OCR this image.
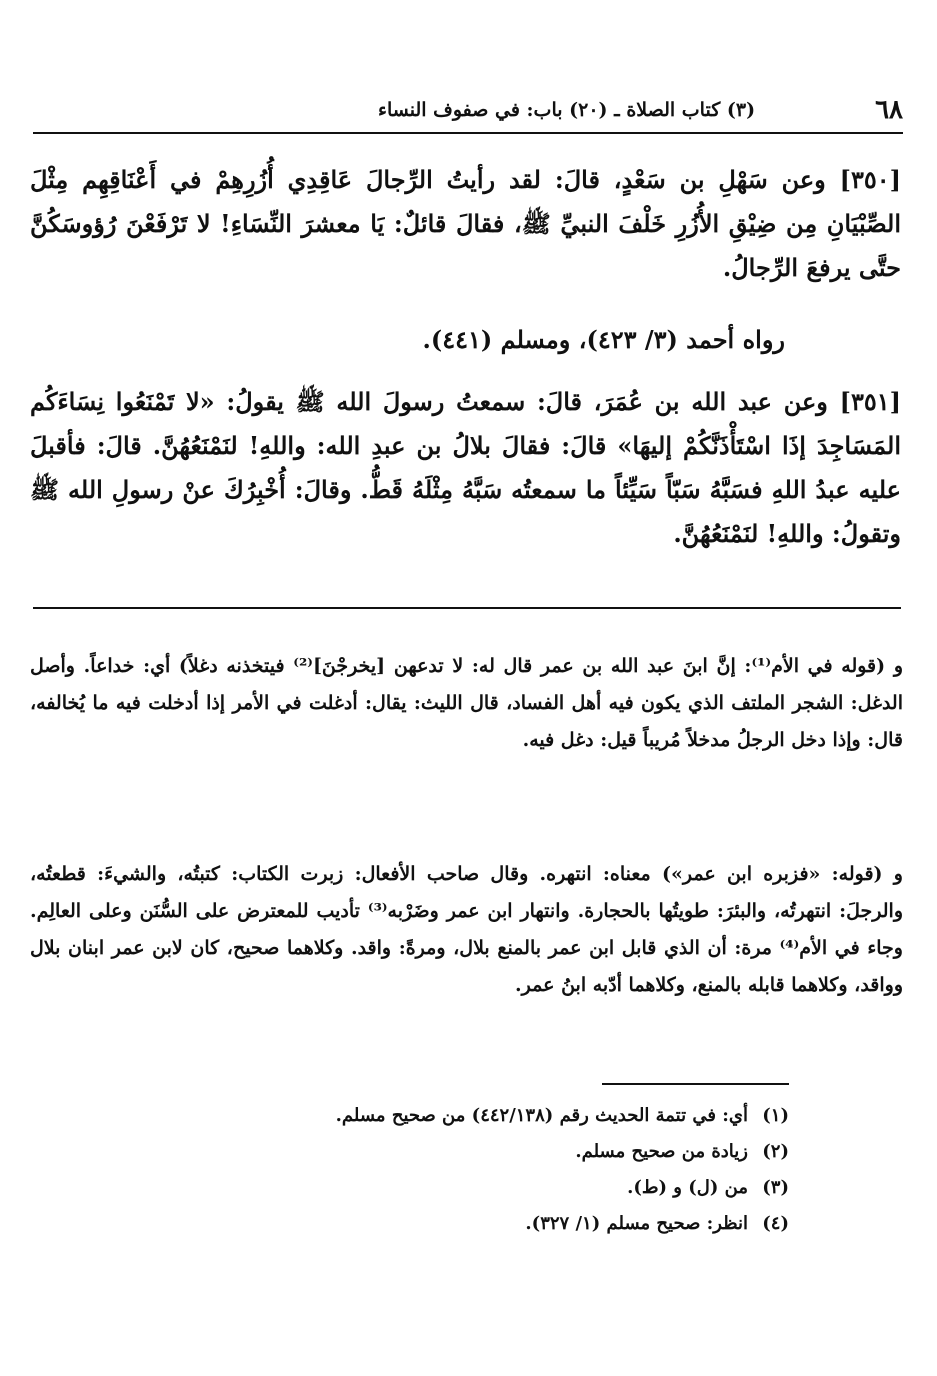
٦٨
(٣) كتاب الصلاة ـ (٢٠) باب: في صفوف النساء
[٣٥٠] وعن سَهْلِ بن سَعْدٍ، قالَ: لقد رأيتُ الرِّجالَ عَاقِدِي أُزُرِهِمْ في أَعْنَاقِهِم مِثْلَ الصِّبْيَانِ مِن ضِيْقِ الأُزُرِ خَلْفَ النبيِّ ﷺ، فقالَ قائلٌ: يَا معشرَ النِّسَاءِ! لا تَرْفَعْنَ رُؤوسَكُنَّ حتَّى يرفعَ الرِّجالُ.
رواه أحمد (٣/ ٤٢٣)، ومسلم (٤٤١).
[٣٥١] وعن عبد الله بن عُمَرَ، قالَ: سمعتُ رسولَ الله ﷺ يقولُ: «لا تَمْنَعُوا نِسَاءَكُم المَسَاجِدَ إذَا اسْتَأْذَنَّكُمْ إليهَا» قالَ: فقالَ بلالُ بن عبدِ الله: واللهِ! لنَمْنَعُهُنَّ. قالَ: فأقبلَ عليه عبدُ اللهِ فسَبَّهُ سَبّاً سَيِّئاً ما سمعتُه سَبَّهُ مِثْلَهُ قَطُّ. وقالَ: أُخْبِرُكَ عنْ رسولِ الله ﷺ وتقولُ: واللهِ! لنَمْنَعُهُنَّ.
و (قوله في الأم⁽¹⁾: إنَّ ابنَ عبد الله بن عمر قال له: لا تدعهن [يخرجْنَ]⁽²⁾ فيتخذنه دغلاً) أي: خداعاً. وأصل الدغل: الشجر الملتف الذي يكون فيه أهل الفساد، قال الليث: يقال: أدغلت في الأمر إذا أدخلت فيه ما يُخالفه، قال: وإذا دخل الرجلُ مدخلاً مُريباً قيل: دغل فيه.
و (قوله: «فزبره ابن عمر») معناه: انتهره. وقال صاحب الأفعال: زبرت الكتاب: كتبتُه، والشيءَ: قطعتُه، والرجلَ: انتهرتُه، والبئرَ: طويتُها بالحجارة. وانتهار ابن عمر وضَرْبه⁽³⁾ تأديب للمعترض على السُّنَن وعلى العالِم. وجاء في الأم⁽⁴⁾ مرة: أن الذي قابل ابن عمر بالمنع بلال، ومرةً: واقد. وكلاهما صحيح، كان لابن عمر ابنان بلال وواقد، وكلاهما قابله بالمنع، وكلاهما أدّبه ابنُ عمر.
(١) أي: في تتمة الحديث رقم (٤٤٢/١٣٨) من صحيح مسلم.
(٢) زيادة من صحيح مسلم.
(٣) من (ل) و (ط).
(٤) انظر: صحيح مسلم (١/ ٣٢٧).
